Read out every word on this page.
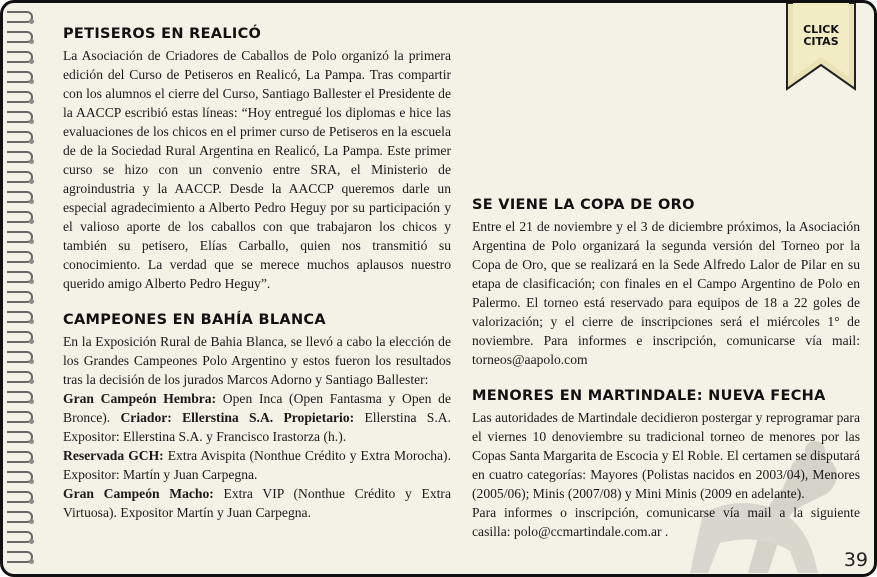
CLICK
CITAS
PETISEROS EN REALICÓ

La Asociación de Criadores de Caballos de Polo organizó la primera edición del Curso de Petiseros en Realicó, La Pampa. Tras compartir con los alumnos el cierre del Curso, Santiago Ballester el Presidente de la AACCP escribió estas líneas: “Hoy entregué los diplomas e hice las evaluaciones de los chicos en el primer curso de Petiseros en la escuela de de la Sociedad Rural Argentina en Realicó, La Pampa. Este primer curso se hizo con un convenio entre SRA, el Ministerio de agroindustria y la AACCP. Desde la AACCP queremos darle un especial agradecimiento a Alberto Pedro Heguy por su participación y el valioso aporte de los caballos con que trabajaron los chicos y también su petisero, Elías Carballo, quien nos transmitió su conocimiento. La verdad que se merece muchos aplausos nuestro querido amigo Alberto Pedro Heguy”.

CAMPEONES EN BAHÍA BLANCA

En la Exposición Rural de Bahia Blanca, se llevó a cabo la elección de los Grandes Campeones Polo Argentino y estos fueron los resultados tras la decisión de los jurados Marcos Adorno y Santiago Ballester:

Gran Campeón Hembra: Open Inca (Open Fantasma y Open de Bronce). Criador: Ellerstina S.A. Propietario: Ellerstina S.A. Expositor: Ellerstina S.A. y Francisco Irastorza (h.).

Reservada GCH: Extra Avispita (Nonthue Crédito y Extra Morocha). Expositor: Martín y Juan Carpegna.

Gran Campeón Macho: Extra VIP (Nonthue Crédito y Extra Virtuosa). Expositor Martín y Juan Carpegna.

SE VIENE LA COPA DE ORO

Entre el 21 de noviembre y el 3 de diciembre próximos, la Asociación Argentina de Polo organizará la segunda versión del Torneo por la Copa de Oro, que se realizará en la Sede Alfredo Lalor de Pilar en su etapa de clasificación; con finales en el Campo Argentino de Polo en Palermo. El torneo está reservado para equipos de 18 a 22 goles de valorización; y el cierre de inscripciones será el miércoles 1° de noviembre. Para informes e inscripción, comunicarse vía mail: torneos@aapolo.com

MENORES EN MARTINDALE: NUEVA FECHA

Las autoridades de Martindale decidieron postergar y reprogramar para el viernes 10 denoviembre su tradicional torneo de menores por las Copas Santa Margarita de Escocia y El Roble. El certamen se disputará en cuatro categorías: Mayores (Polistas nacidos en 2003/04), Menores (2005/06); Minis (2007/08) y Mini Minis (2009 en adelante).

Para informes o inscripción, comunicarse vía mail a la siguiente casilla: polo@ccmartindale.com.ar .

39
